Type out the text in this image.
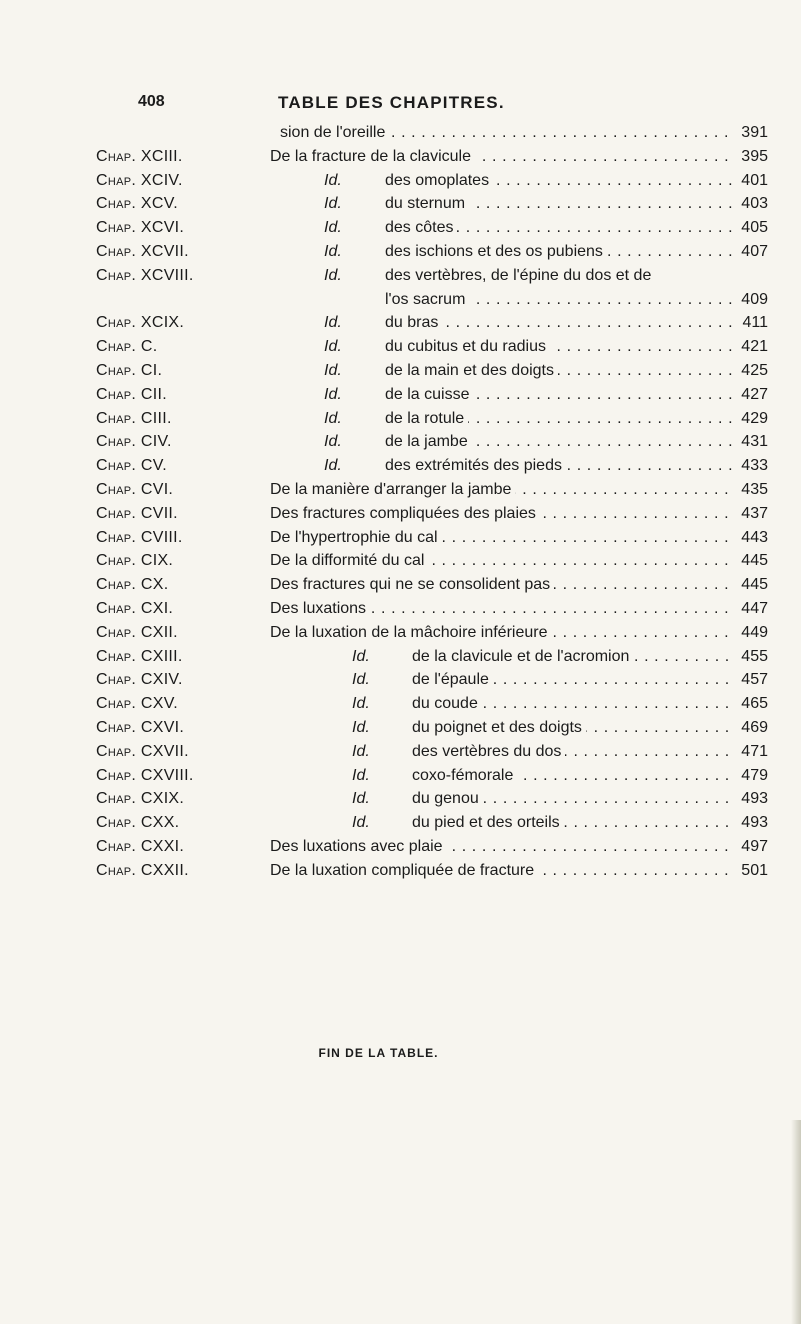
408	TABLE DES CHAPITRES.
sion de l'oreille . . .	391
Chap. XCIII.	De la fracture de la clavicule . . .	395
Chap. XCIV.	Id.	des omoplates . . .	401
Chap. XCV.	Id.	du sternum . . .	403
Chap. XCVI.	Id.	des côtes . . .	405
Chap. XCVII.	Id.	des ischions et des os pubiens . . .	407
Chap. XCVIII.	Id.	des vertèbres, de l'épine du dos et de
l'os sacrum . . .	409
Chap. XCIX.	Id.	du bras . . .	411
Chap. C.	Id.	du cubitus et du radius . . .	421
Chap. CI.	Id.	de la main et des doigts . . .	425
Chap. CII.	Id.	de la cuisse . . .	427
Chap. CIII.	Id.	de la rotule . . .	429
Chap. CIV.	Id.	de la jambe . . .	431
Chap. CV.	Id.	des extrémités des pieds . . .	433
Chap. CVI.	De la manière d'arranger la jambe . . .	435
Chap. CVII.	Des fractures compliquées des plaies . . .	437
Chap. CVIII.	De l'hypertrophie du cal . . .	443
Chap. CIX.	De la difformité du cal . . .	445
Chap. CX.	Des fractures qui ne se consolident pas . . .	445
Chap. CXI.	Des luxations . . .	447
Chap. CXII.	De la luxation de la mâchoire inférieure . . .	449
Chap. CXIII.	Id.	de la clavicule et de l'acromion . . .	455
Chap. CXIV.	Id.	de l'épaule . . .	457
Chap. CXV.	Id.	du coude . . .	465
Chap. CXVI.	Id.	du poignet et des doigts . . .	469
Chap. CXVII.	Id.	des vertèbres du dos . . .	471
Chap. CXVIII.	Id.	coxo-fémorale . . .	479
Chap. CXIX.	Id.	du genou . . .	493
Chap. CXX.	Id.	du pied et des orteils . . .	493
Chap. CXXI.	Des luxations avec plaie . . .	497
Chap. CXXII.	De la luxation compliquée de fracture . . .	501
FIN DE LA TABLE.
